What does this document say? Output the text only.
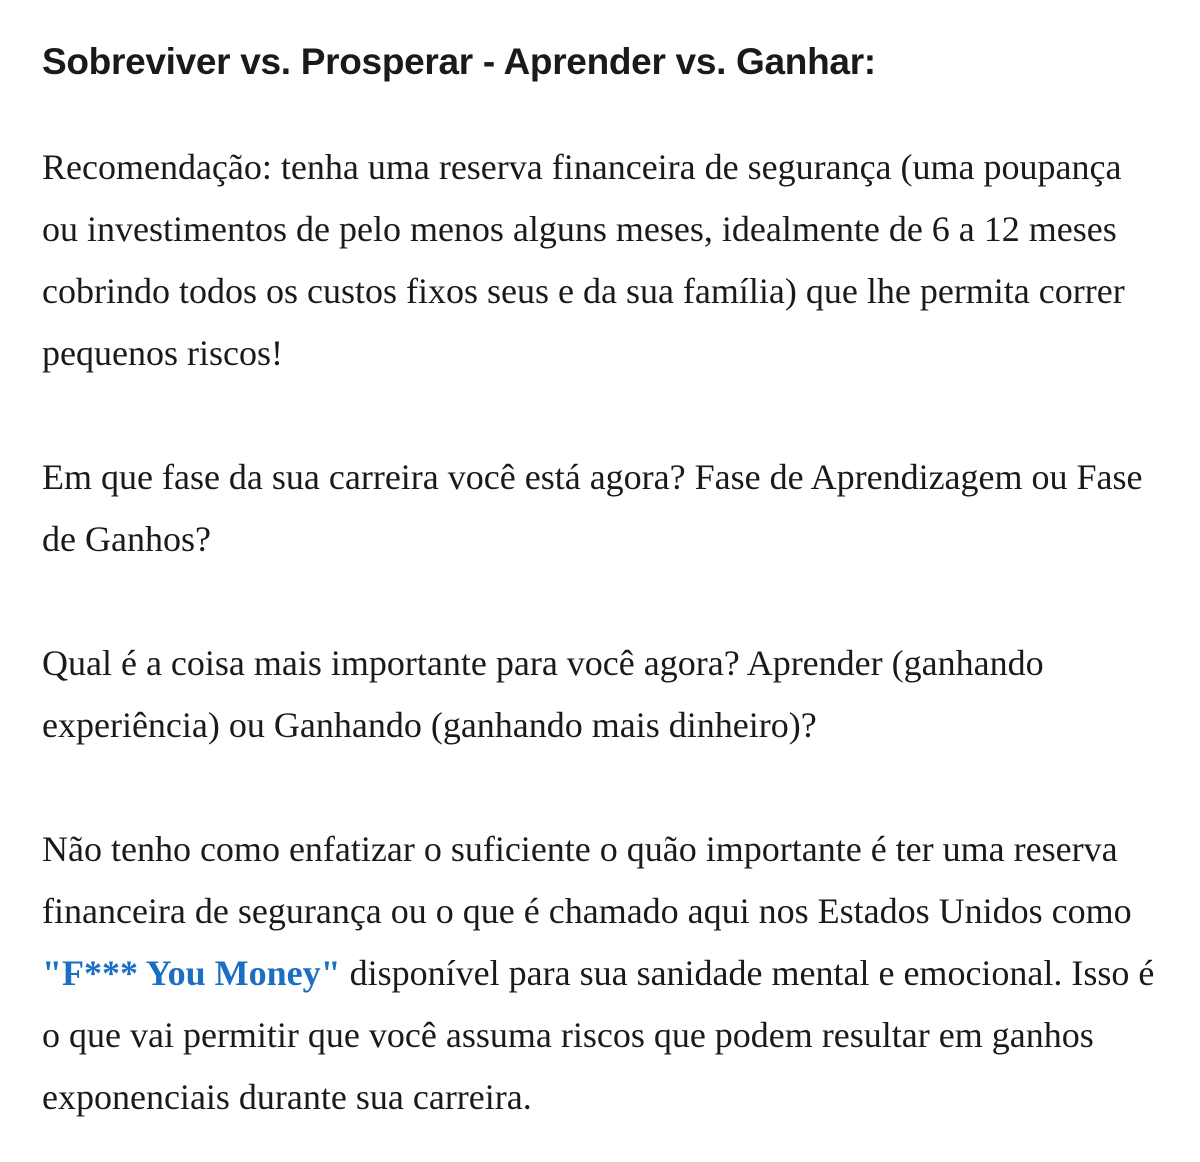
Sobreviver vs. Prosperar - Aprender vs. Ganhar:

Recomendação: tenha uma reserva financeira de segurança (uma poupança ou investimentos de pelo menos alguns meses, idealmente de 6 a 12 meses cobrindo todos os custos fixos seus e da sua família) que lhe permita correr pequenos riscos!

Em que fase da sua carreira você está agora? Fase de Aprendizagem ou Fase de Ganhos?

Qual é a coisa mais importante para você agora? Aprender (ganhando experiência) ou Ganhando (ganhando mais dinheiro)?

Não tenho como enfatizar o suficiente o quão importante é ter uma reserva financeira de segurança ou o que é chamado aqui nos Estados Unidos como "F*** You Money" disponível para sua sanidade mental e emocional. Isso é o que vai permitir que você assuma riscos que podem resultar em ganhos exponenciais durante sua carreira.
